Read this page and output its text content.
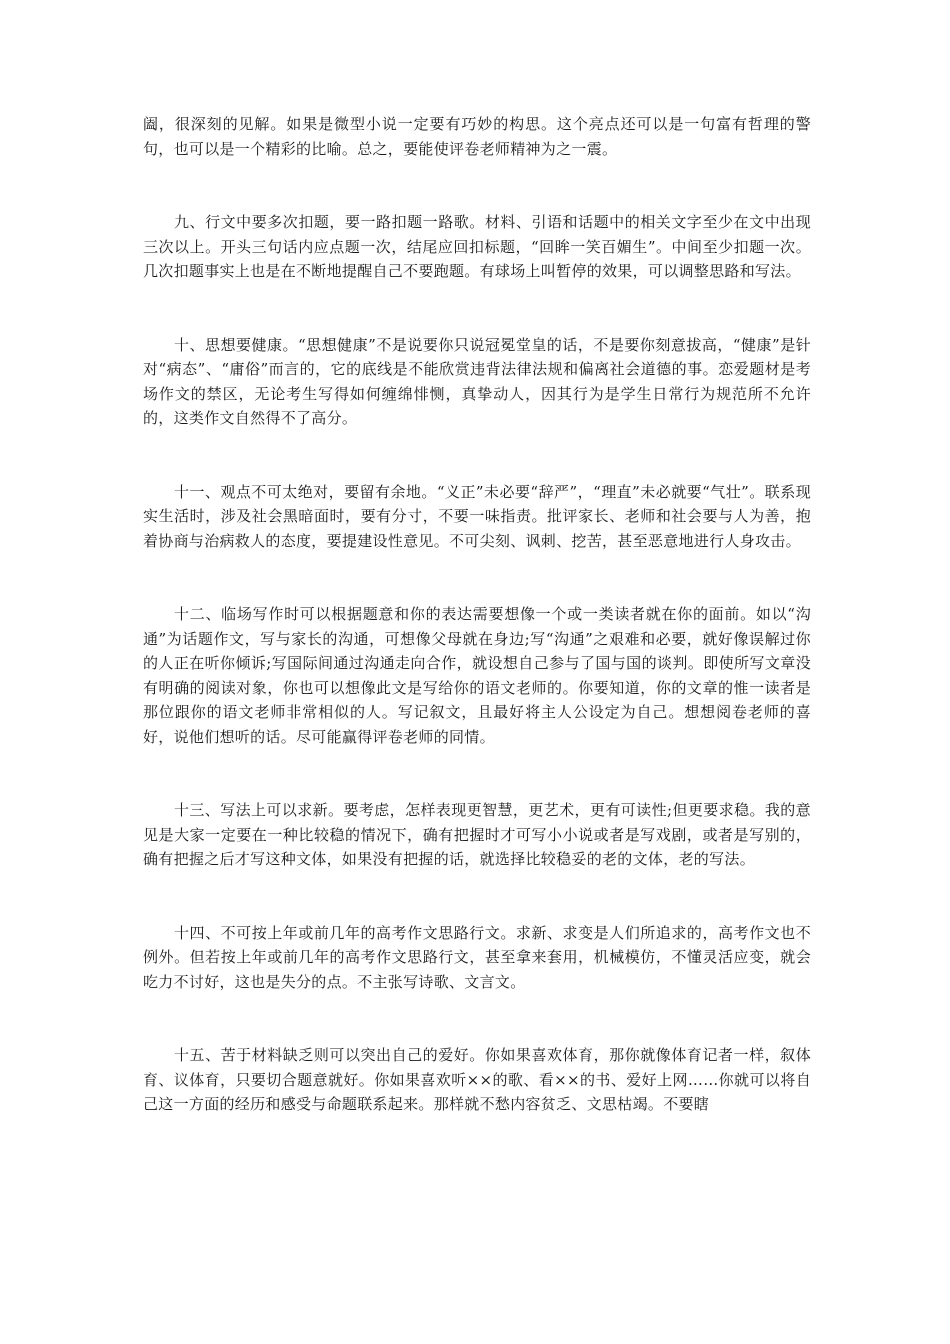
阖，很深刻的见解。如果是微型小说一定要有巧妙的构思。这个亮点还可以是一句富有哲理的警句，也可以是一个精彩的比喻。总之，要能使评卷老师精神为之一震。

九、行文中要多次扣题，要一路扣题一路歌。材料、引语和话题中的相关文字至少在文中出现三次以上。开头三句话内应点题一次，结尾应回扣标题，“回眸一笑百媚生”。中间至少扣题一次。几次扣题事实上也是在不断地提醒自己不要跑题。有球场上叫暂停的效果，可以调整思路和写法。

十、思想要健康。“思想健康”不是说要你只说冠冕堂皇的话，不是要你刻意拔高，“健康”是针对“病态”、“庸俗”而言的，它的底线是不能欣赏违背法律法规和偏离社会道德的事。恋爱题材是考场作文的禁区，无论考生写得如何缠绵悱恻，真挚动人，因其行为是学生日常行为规范所不允许的，这类作文自然得不了高分。

十一、观点不可太绝对，要留有余地。“义正”未必要“辞严”，“理直”未必就要“气壮”。联系现实生活时，涉及社会黑暗面时，要有分寸，不要一味指责。批评家长、老师和社会要与人为善，抱着协商与治病救人的态度，要提建设性意见。不可尖刻、讽刺、挖苦，甚至恶意地进行人身攻击。

十二、临场写作时可以根据题意和你的表达需要想像一个或一类读者就在你的面前。如以“沟通”为话题作文，写与家长的沟通，可想像父母就在身边;写“沟通”之艰难和必要，就好像误解过你的人正在听你倾诉;写国际间通过沟通走向合作，就设想自己参与了国与国的谈判。即使所写文章没有明确的阅读对象，你也可以想像此文是写给你的语文老师的。你要知道，你的文章的惟一读者是那位跟你的语文老师非常相似的人。写记叙文，且最好将主人公设定为自己。想想阅卷老师的喜好，说他们想听的话。尽可能赢得评卷老师的同情。

十三、写法上可以求新。要考虑，怎样表现更智慧，更艺术，更有可读性;但更要求稳。我的意见是大家一定要在一种比较稳的情况下，确有把握时才可写小小说或者是写戏剧，或者是写别的，确有把握之后才写这种文体，如果没有把握的话，就选择比较稳妥的老的文体，老的写法。

十四、不可按上年或前几年的高考作文思路行文。求新、求变是人们所追求的，高考作文也不例外。但若按上年或前几年的高考作文思路行文，甚至拿来套用，机械模仿，不懂灵活应变，就会吃力不讨好，这也是失分的点。不主张写诗歌、文言文。

十五、苦于材料缺乏则可以突出自己的爱好。你如果喜欢体育，那你就像体育记者一样，叙体育、议体育，只要切合题意就好。你如果喜欢听××的歌、看××的书、爱好上网……你就可以将自己这一方面的经历和感受与命题联系起来。那样就不愁内容贫乏、文思枯竭。不要瞎
